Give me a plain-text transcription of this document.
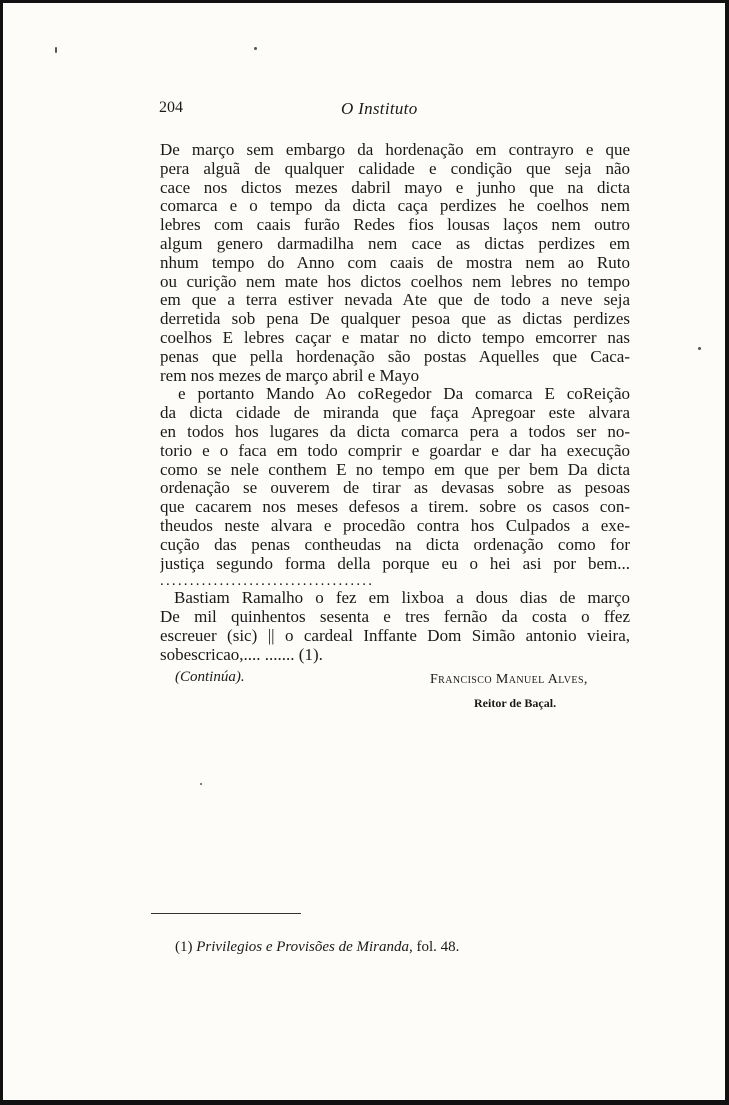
204	O Instituto
De março sem embargo da hordenação em contrayro e que
pera alguã de qualquer calidade e condição que seja não
cace nos dictos mezes dabril mayo e junho que na dicta
comarca e o tempo da dicta caça perdizes he coelhos nem
lebres com caais furão Redes fios lousas laços nem outro
algum genero darmadilha nem cace as dictas perdizes em
nhum tempo do Anno com caais de mostra nem ao Ruto
ou curição nem mate hos dictos coelhos nem lebres no tempo
em que a terra estiver nevada Ate que de todo a neve seja
derretida sob pena De qualquer pesoa que as dictas perdizes
coelhos E lebres caçar e matar no dicto tempo emcorrer nas
penas que pella hordenação são postas Aquelles que Caca-
rem nos mezes de março abril e Mayo
e portanto Mando Ao coRegedor Da comarca E coReição
da dicta cidade de miranda que faça Apregoar este alvara
en todos hos lugares da dicta comarca pera a todos ser no-
torio e o faca em todo comprir e goardar e dar ha execução
como se nele conthem E no tempo em que per bem Da dicta
ordenação se ouverem de tirar as devasas sobre as pesoas
que cacarem nos meses defesos a tirem. sobre os casos con-
theudos neste alvara e procedão contra hos Culpados a exe-
cução das penas contheudas na dicta ordenação como for
justiça segundo forma della porque eu o hei asi por bem...
....................................
Bastiam Ramalho o fez em lixboa a dous dias de março
De mil quinhentos sesenta e tres fernão da costa o ffez
escreuer (sic) || o cardeal Inffante Dom Simão antonio vieira,
sobescricao,.... ....... (1).
(Continúa).	Francisco Manuel Alves,
Reitor de Baçal.
(1) Privilegios e Provisões de Miranda, fol. 48.
